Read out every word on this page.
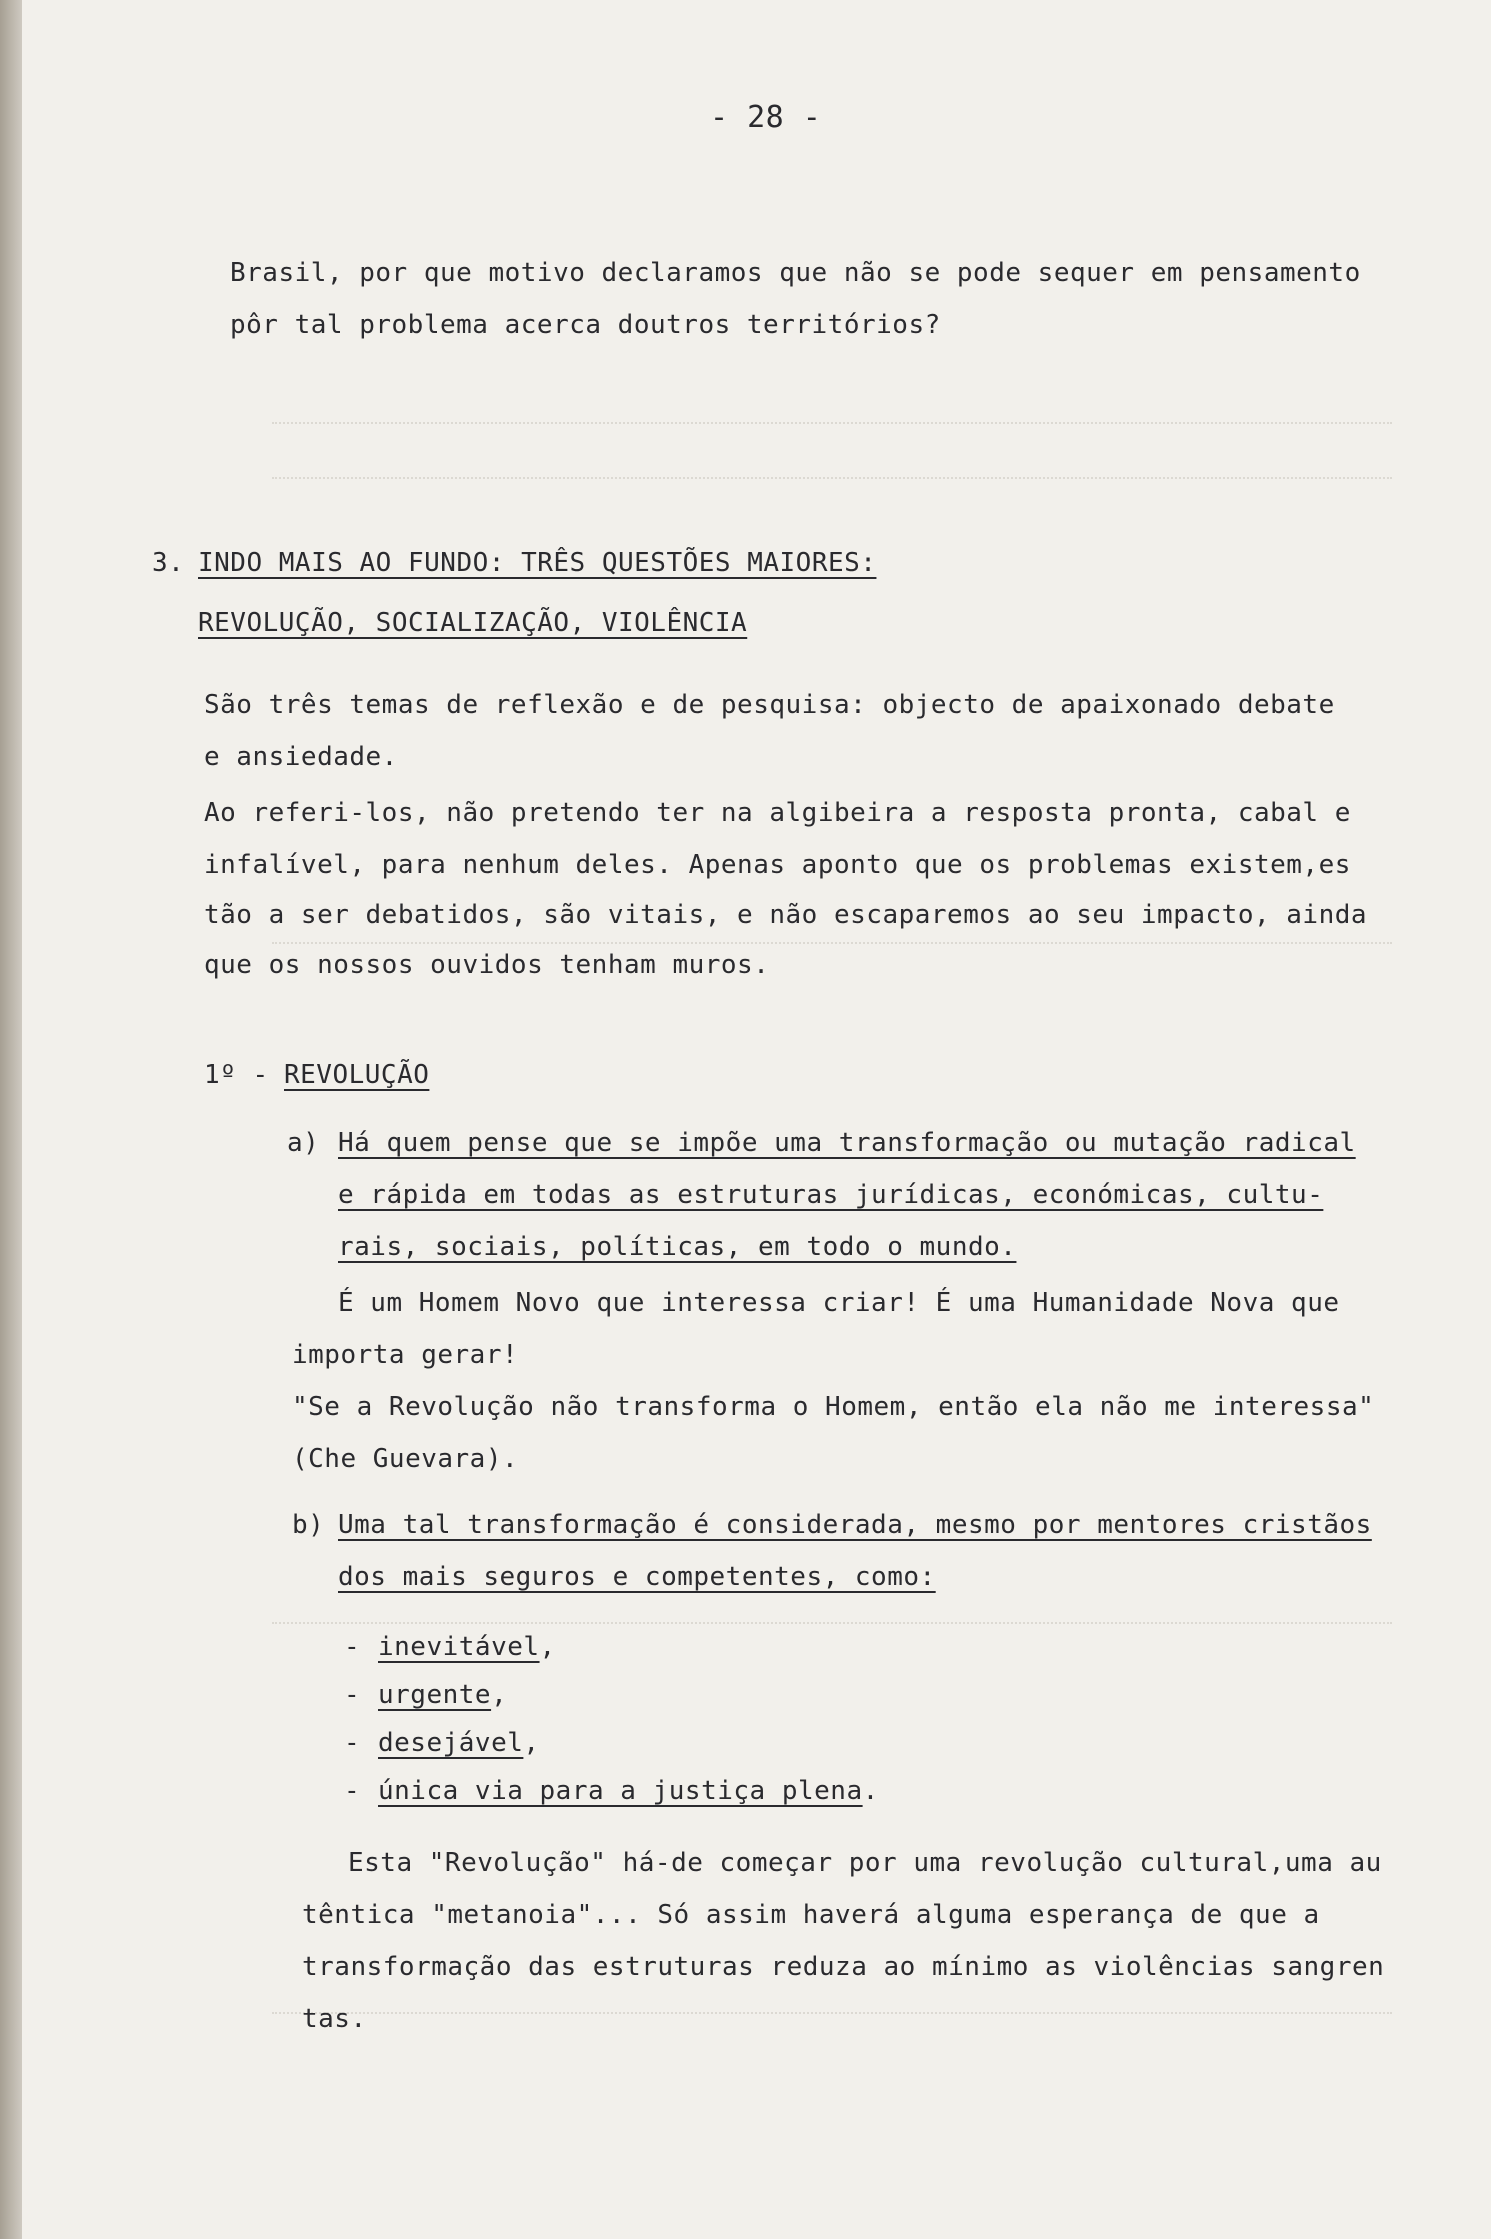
- 28 -
Brasil, por que motivo declaramos que não se pode sequer em pensamento
pôr tal problema acerca doutros territórios?
3. INDO MAIS AO FUNDO: TRÊS QUESTÕES MAIORES:
REVOLUÇÃO, SOCIALIZAÇÃO, VIOLÊNCIA
São três temas de reflexão e de pesquisa: objecto de apaixonado debate
e ansiedade.
Ao referi-los, não pretendo ter na algibeira a resposta pronta, cabal e
infalível, para nenhum deles. Apenas aponto que os problemas existem,es
tão a ser debatidos, são vitais, e não escaparemos ao seu impacto, ainda
que os nossos ouvidos tenham muros.
1º - REVOLUÇÃO
a) Há quem pense que se impõe uma transformação ou mutação radical
e rápida em todas as estruturas jurídicas, económicas, cultu-
rais, sociais, políticas, em todo o mundo.
É um Homem Novo que interessa criar! É uma Humanidade Nova que
importa gerar!
"Se a Revolução não transforma o Homem, então ela não me interessa"
(Che Guevara).
b) Uma tal transformação é considerada, mesmo por mentores cristãos
dos mais seguros e competentes, como:
- inevitável,
- urgente,
- desejável,
- única via para a justiça plena.
Esta "Revolução" há-de começar por uma revolução cultural,uma au
têntica "metanoia"... Só assim haverá alguma esperança de que a
transformação das estruturas reduza ao mínimo as violências sangren
tas.
